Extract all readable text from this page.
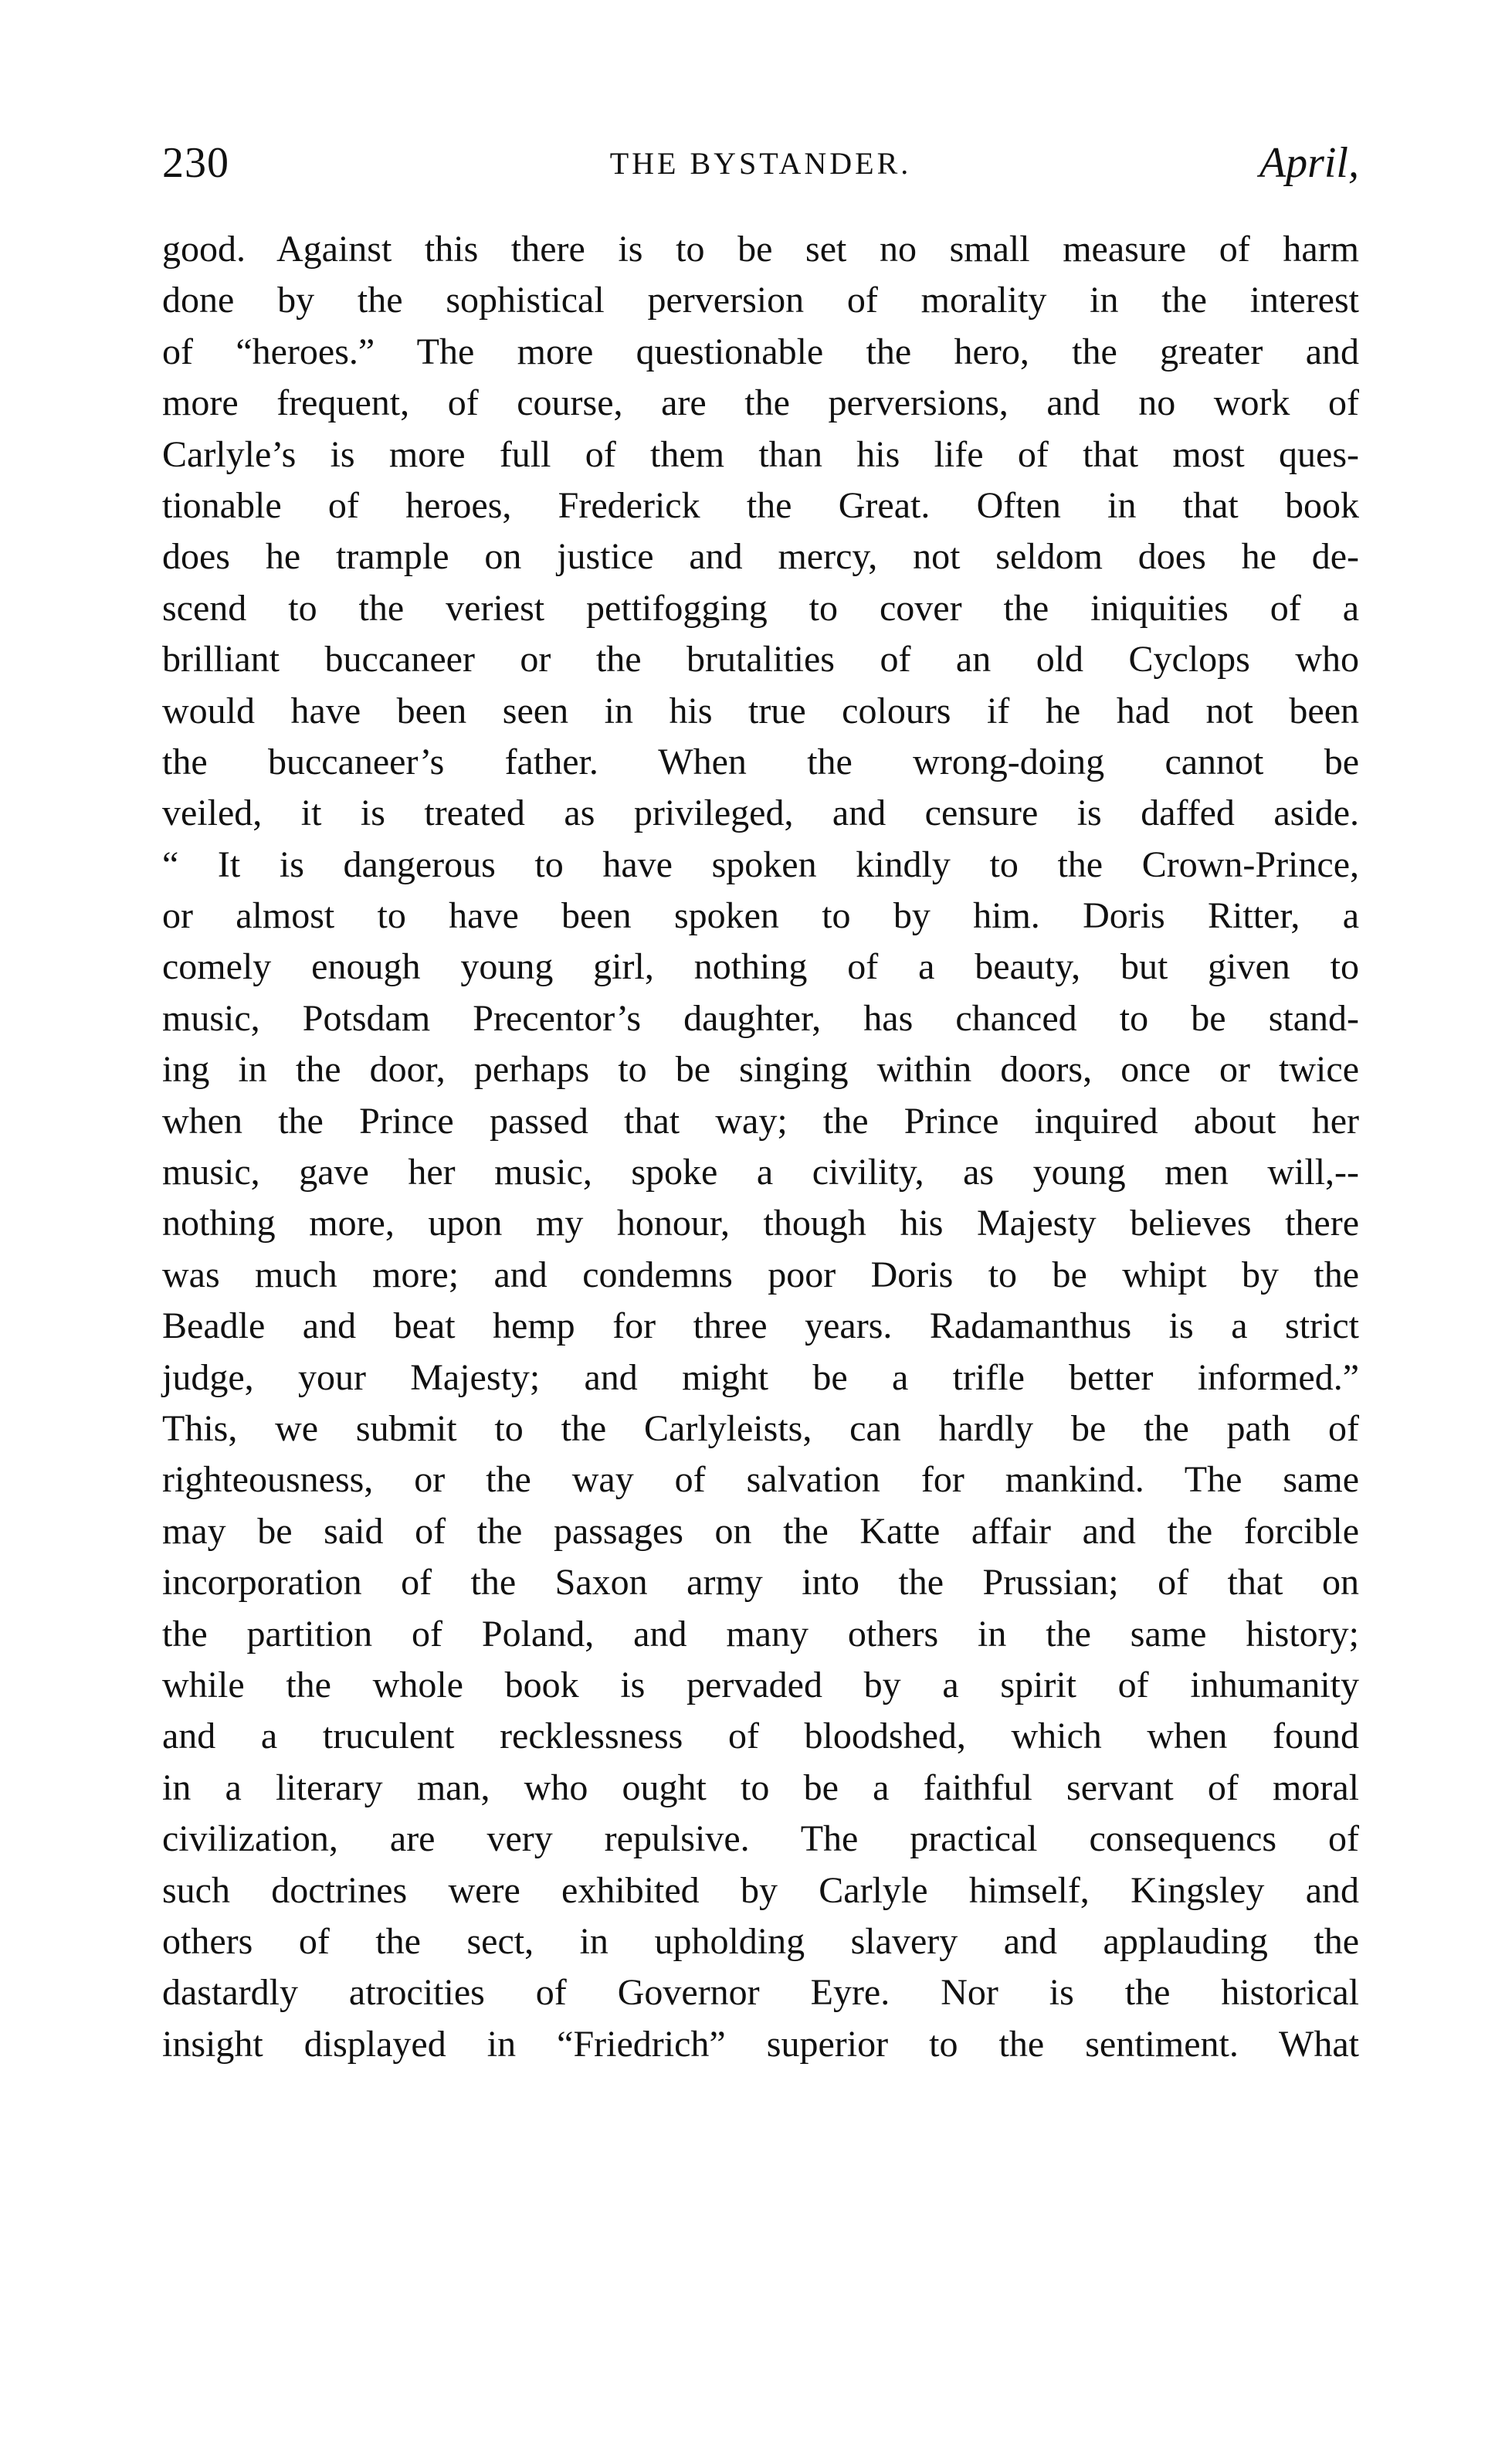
230	THE BYSTANDER.	April,
good. Against this there is to be set no small measure of harm
done by the sophistical perversion of morality in the interest
of “heroes.” The more questionable the hero, the greater and
more frequent, of course, are the perversions, and no work of
Carlyle’s is more full of them than his life of that most ques-
tionable of heroes, Frederick the Great. Often in that book
does he trample on justice and mercy, not seldom does he de-
scend to the veriest pettifogging to cover the iniquities of a
brilliant buccaneer or the brutalities of an old Cyclops who
would have been seen in his true colours if he had not been
the buccaneer’s father. When the wrong-doing cannot be
veiled, it is treated as privileged, and censure is daffed aside.
“ It is dangerous to have spoken kindly to the Crown-Prince,
or almost to have been spoken to by him. Doris Ritter, a
comely enough young girl, nothing of a beauty, but given to
music, Potsdam Precentor’s daughter, has chanced to be stand-
ing in the door, perhaps to be singing within doors, once or twice
when the Prince passed that way; the Prince inquired about her
music, gave her music, spoke a civility, as young men will,--
nothing more, upon my honour, though his Majesty believes there
was much more; and condemns poor Doris to be whipt by the
Beadle and beat hemp for three years. Radamanthus is a strict
judge, your Majesty; and might be a trifle better informed.”
This, we submit to the Carlyleists, can hardly be the path of
righteousness, or the way of salvation for mankind. The same
may be said of the passages on the Katte affair and the forcible
incorporation of the Saxon army into the Prussian; of that on
the partition of Poland, and many others in the same history;
while the whole book is pervaded by a spirit of inhumanity
and a truculent recklessness of bloodshed, which when found
in a literary man, who ought to be a faithful servant of moral
civilization, are very repulsive. The practical consequencs of
such doctrines were exhibited by Carlyle himself, Kingsley and
others of the sect, in upholding slavery and applauding the
dastardly atrocities of Governor Eyre. Nor is the historical
insight displayed in “Friedrich” superior to the sentiment. What
